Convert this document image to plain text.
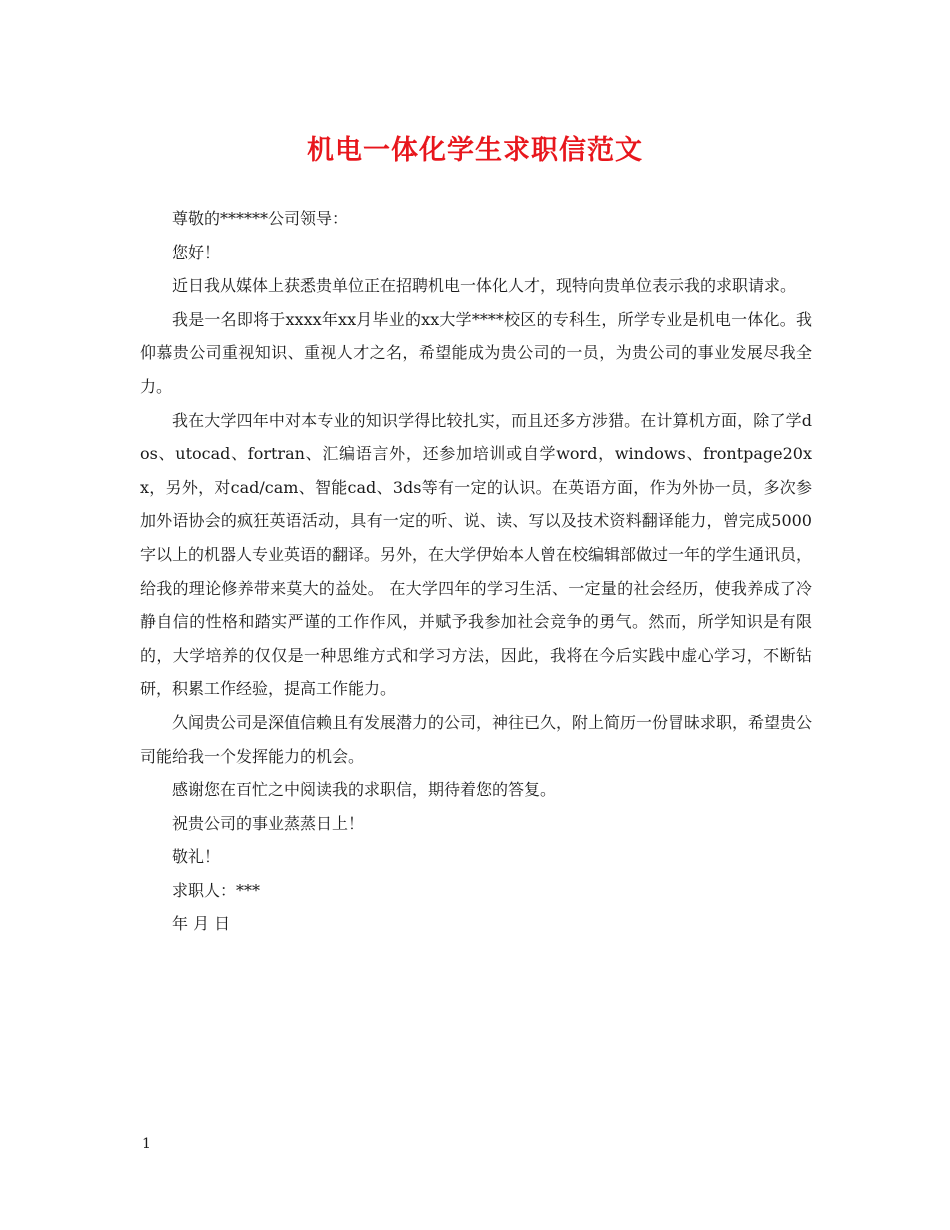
机电一体化学生求职信范文

尊敬的******公司领导：

您好！

近日我从媒体上获悉贵单位正在招聘机电一体化人才，现特向贵单位表示我的求职请求。

我是一名即将于xxxx年xx月毕业的xx大学****校区的专科生，所学专业是机电一体化。我仰慕贵公司重视知识、重视人才之名，希望能成为贵公司的一员，为贵公司的事业发展尽我全力。

我在大学四年中对本专业的知识学得比较扎实，而且还多方涉猎。在计算机方面，除了学dos、utocad、fortran、汇编语言外，还参加培训或自学word，windows、frontpage20xx，另外，对cad/cam、智能cad、3ds等有一定的认识。在英语方面，作为外协一员，多次参加外语协会的疯狂英语活动，具有一定的听、说、读、写以及技术资料翻译能力，曾完成5000字以上的机器人专业英语的翻译。另外，在大学伊始本人曾在校编辑部做过一年的学生通讯员，给我的理论修养带来莫大的益处。 在大学四年的学习生活、一定量的社会经历，使我养成了冷静自信的性格和踏实严谨的工作作风，并赋予我参加社会竞争的勇气。然而，所学知识是有限的，大学培养的仅仅是一种思维方式和学习方法，因此，我将在今后实践中虚心学习，不断钻研，积累工作经验，提高工作能力。

久闻贵公司是深值信赖且有发展潜力的公司，神往已久，附上简历一份冒昧求职，希望贵公司能给我一个发挥能力的机会。

感谢您在百忙之中阅读我的求职信，期待着您的答复。

祝贵公司的事业蒸蒸日上！

敬礼！

求职人：***

年 月 日

1
